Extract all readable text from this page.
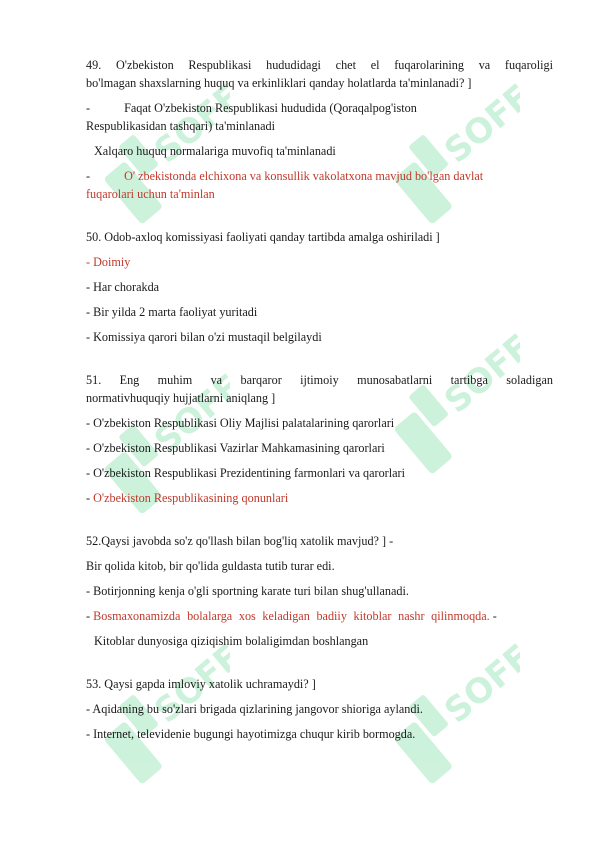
SOFF	SOFF
SOFF	SOFF
SOFF	SOFF
49. O'zbekiston Respublikasi hududidagi chet el fuqarolarining va fuqaroligi
bo'lmagan shaxslarning huquq va erkinliklari qanday holatlarda ta'minlanadi? ]
-	Faqat O'zbekiston Respublikasi hududida (Qoraqalpog'iston
Respublikasidan tashqari) ta'minlanadi
Xalqaro huquq normalariga muvofiq ta'minlanadi
-	O' zbekistonda elchixona va konsullik vakolatxona mavjud bo'lgan davlat
fuqarolari uchun ta'minlan
50. Odob-axloq komissiyasi faoliyati qanday tartibda amalga oshiriladi ]
- Doimiy
- Har chorakda
- Bir yilda 2 marta faoliyat yuritadi
- Komissiya qarori bilan o'zi mustaqil belgilaydi
51. Eng muhim va barqaror ijtimoiy munosabatlarni tartibga soladigan
normativhuquqiy hujjatlarni aniqlang ]
- O'zbekiston Respublikasi Oliy Majlisi palatalarining qarorlari
- O'zbekiston Respublikasi Vazirlar Mahkamasining qarorlari
- O'zbekiston Respublikasi Prezidentining farmonlari va qarorlari
- O'zbekiston Respublikasining qonunlari
52.Qaysi javobda so'z qo'llash bilan bog'liq xatolik mavjud? ] -
Bir qolida kitob, bir qo'lida guldasta tutib turar edi.
- Botirjonning kenja o'gli sportning karate turi bilan shug'ullanadi.
- Bosmaxonamizda bolalarga xos keladigan badiiy kitoblar nashr qilinmoqda. -
Kitoblar dunyosiga qiziqishim bolaligimdan boshlangan
53. Qaysi gapda imloviy xatolik uchramaydi? ]
- Aqidaning bu so'zlari brigada qizlarining jangovor shioriga aylandi.
- Internet, televidenie bugungi hayotimizga chuqur kirib bormogda.
